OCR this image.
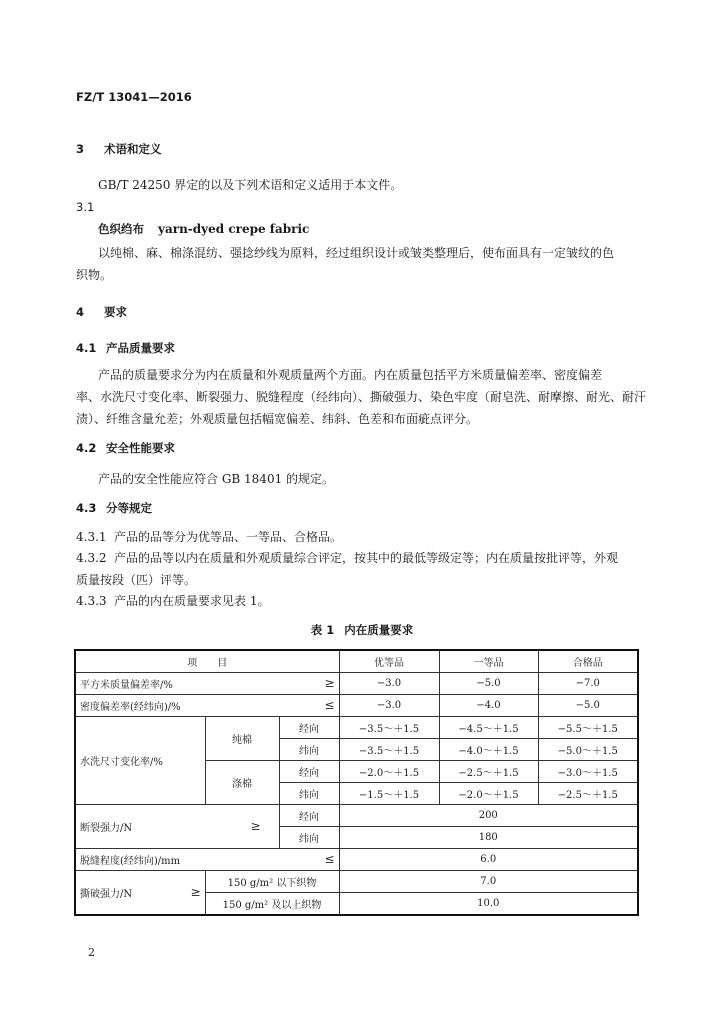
FZ/T 13041—2016
3 术语和定义
GB/T 24250 界定的以及下列术语和定义适用于本文件。
3.1
色织绉布 yarn-dyed crepe fabric
以纯棉、麻、棉涤混纺、强捻纱线为原料，经过组织设计或皱类整理后，使布面具有一定皱纹的色
织物。
4 要求
4.1 产品质量要求
产品的质量要求分为内在质量和外观质量两个方面。内在质量包括平方米质量偏差率、密度偏差
率、水洗尺寸变化率、断裂强力、脱缝程度（经纬向）、撕破强力、染色牢度（耐皂洗、耐摩擦、耐光、耐汗
渍）、纤维含量允差；外观质量包括幅宽偏差、纬斜、色差和布面疵点评分。
4.2 安全性能要求
产品的安全性能应符合 GB 18401 的规定。
4.3 分等规定
4.3.1 产品的品等分为优等品、一等品、合格品。
4.3.2 产品的品等以内在质量和外观质量综合评定，按其中的最低等级定等；内在质量按批评等，外观
质量按段（匹）评等。
4.3.3 产品的内在质量要求见表 1。
表 1 内在质量要求
项　　目			优等品	一等品	合格品
平方米质量偏差率/% ≥			−3.0	−5.0	−7.0
密度偏差率(经纬向)/% ≤			−3.0	−4.0	−5.0
水洗尺寸变化率/%	纯棉	经向	−3.5～＋1.5	−4.5～＋1.5	−5.5～＋1.5
		纬向	−3.5～＋1.5	−4.0～＋1.5	−5.0～＋1.5
	涤棉	经向	−2.0～＋1.5	−2.5～＋1.5	−3.0～＋1.5
		纬向	−1.5～＋1.5	−2.0～＋1.5	−2.5～＋1.5
断裂强力/N ≥		经向	200		
		纬向	180		
脱缝程度(经纬向)/mm ≤			6.0		
撕破强力/N ≥	150 g/m² 以下织物		7.0		
	150 g/m² 及以上织物		10.0		
2
